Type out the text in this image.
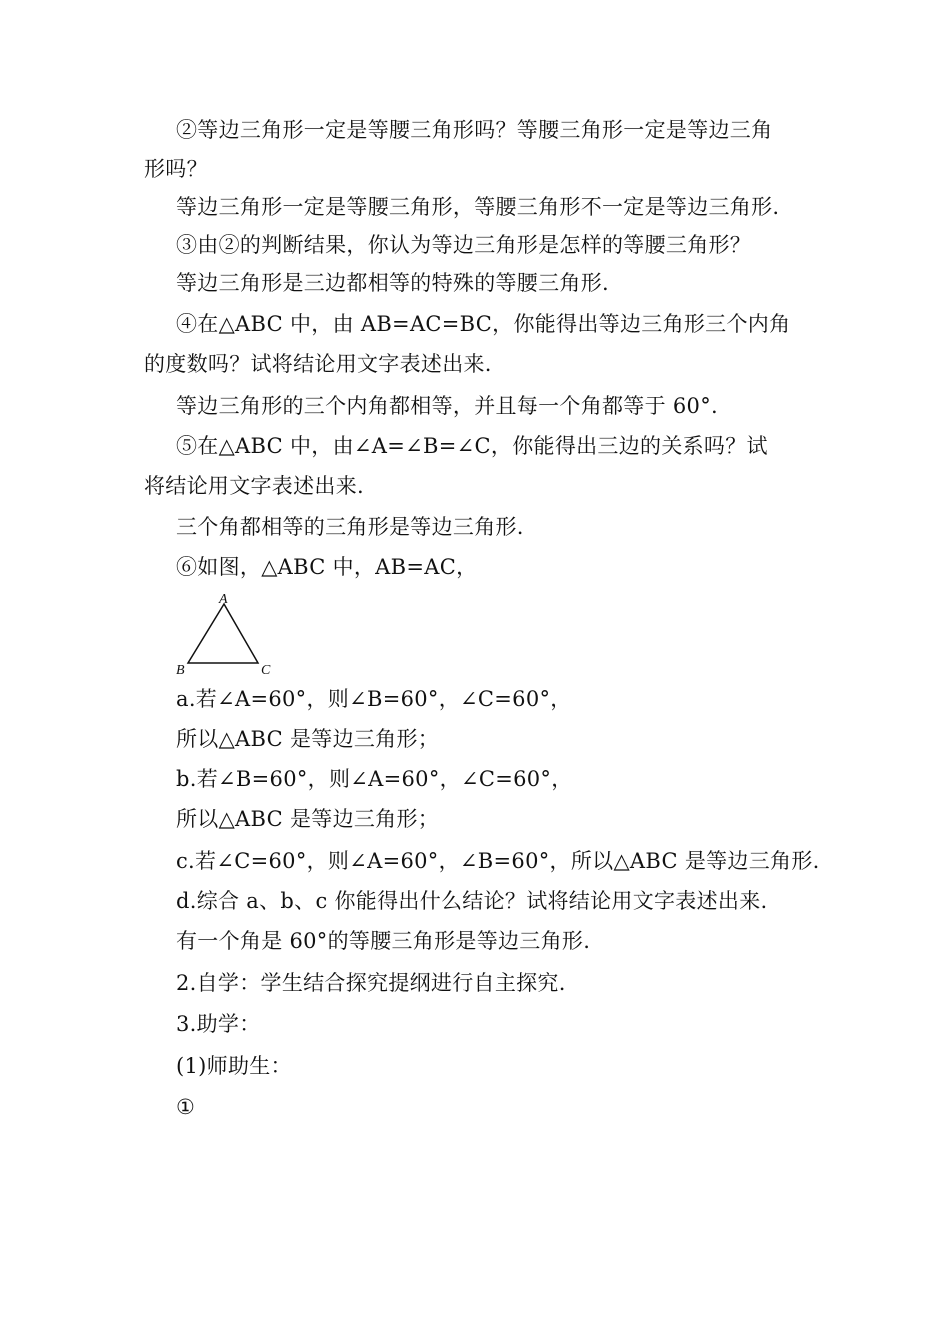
②等边三角形一定是等腰三角形吗？等腰三角形一定是等边三角
形吗？
等边三角形一定是等腰三角形，等腰三角形不一定是等边三角形.
③由②的判断结果，你认为等边三角形是怎样的等腰三角形？
等边三角形是三边都相等的特殊的等腰三角形.
④在△ABC 中，由 AB=AC=BC，你能得出等边三角形三个内角
的度数吗？试将结论用文字表述出来.
等边三角形的三个内角都相等，并且每一个角都等于 60°.
⑤在△ABC 中，由∠A=∠B=∠C，你能得出三边的关系吗？试
将结论用文字表述出来.
三个角都相等的三角形是等边三角形.
⑥如图，△ABC 中，AB=AC，
A
B	C
a.若∠A=60°，则∠B=60°，∠C=60°，
所以△ABC 是等边三角形；
b.若∠B=60°，则∠A=60°，∠C=60°，
所以△ABC 是等边三角形；
c.若∠C=60°，则∠A=60°，∠B=60°，所以△ABC 是等边三角形.
d.综合 a、b、c 你能得出什么结论？试将结论用文字表述出来.
有一个角是 60°的等腰三角形是等边三角形.
2.自学：学生结合探究提纲进行自主探究.
3.助学：
(1)师助生：
①
